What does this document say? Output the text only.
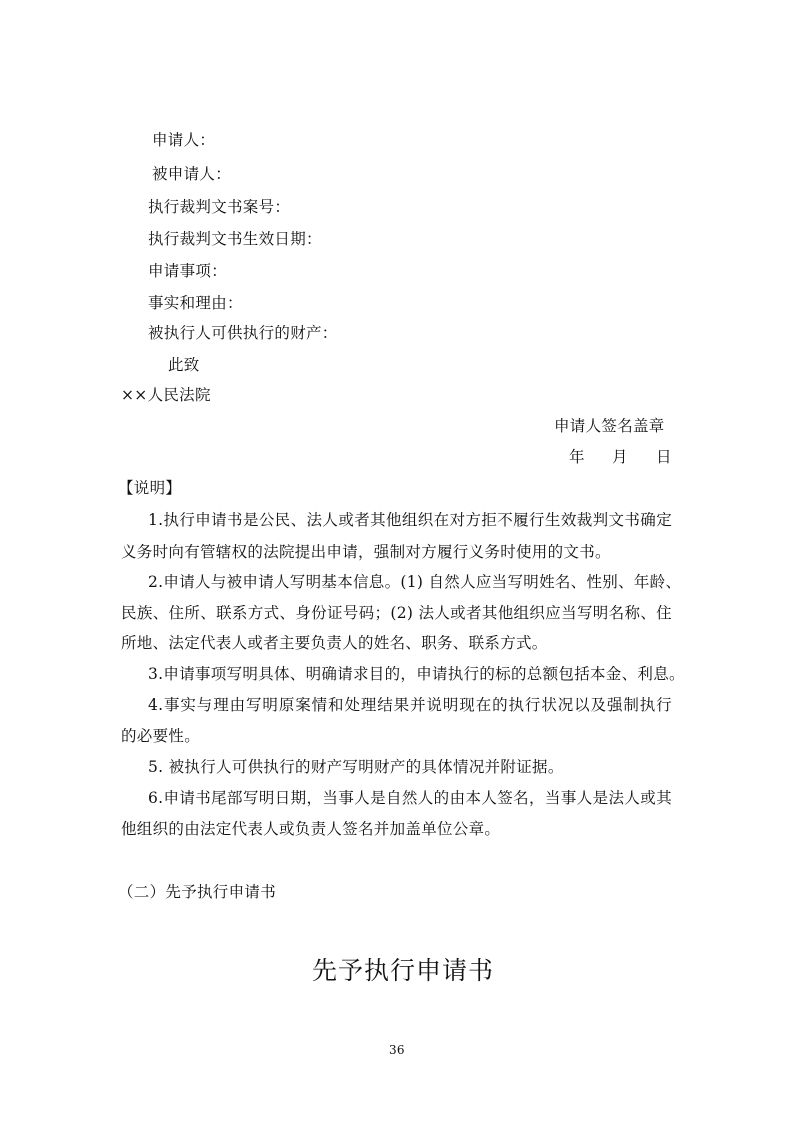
申请人：
被申请人：
执行裁判文书案号：
执行裁判文书生效日期：
申请事项：
事实和理由：
被执行人可供执行的财产：
此致
××人民法院
申请人签名盖章
年 月 日
【说明】
1.执行申请书是公民、法人或者其他组织在对方拒不履行生效裁判文书确定
义务时向有管辖权的法院提出申请，强制对方履行义务时使用的文书。
2.申请人与被申请人写明基本信息。(1) 自然人应当写明姓名、性别、年龄、
民族、住所、联系方式、身份证号码；(2) 法人或者其他组织应当写明名称、住
所地、法定代表人或者主要负责人的姓名、职务、联系方式。
3.申请事项写明具体、明确请求目的，申请执行的标的总额包括本金、利息。
4.事实与理由写明原案情和处理结果并说明现在的执行状况以及强制执行
的必要性。
5. 被执行人可供执行的财产写明财产的具体情况并附证据。
6.申请书尾部写明日期，当事人是自然人的由本人签名，当事人是法人或其
他组织的由法定代表人或负责人签名并加盖单位公章。
（二）先予执行申请书
先予执行申请书
36
